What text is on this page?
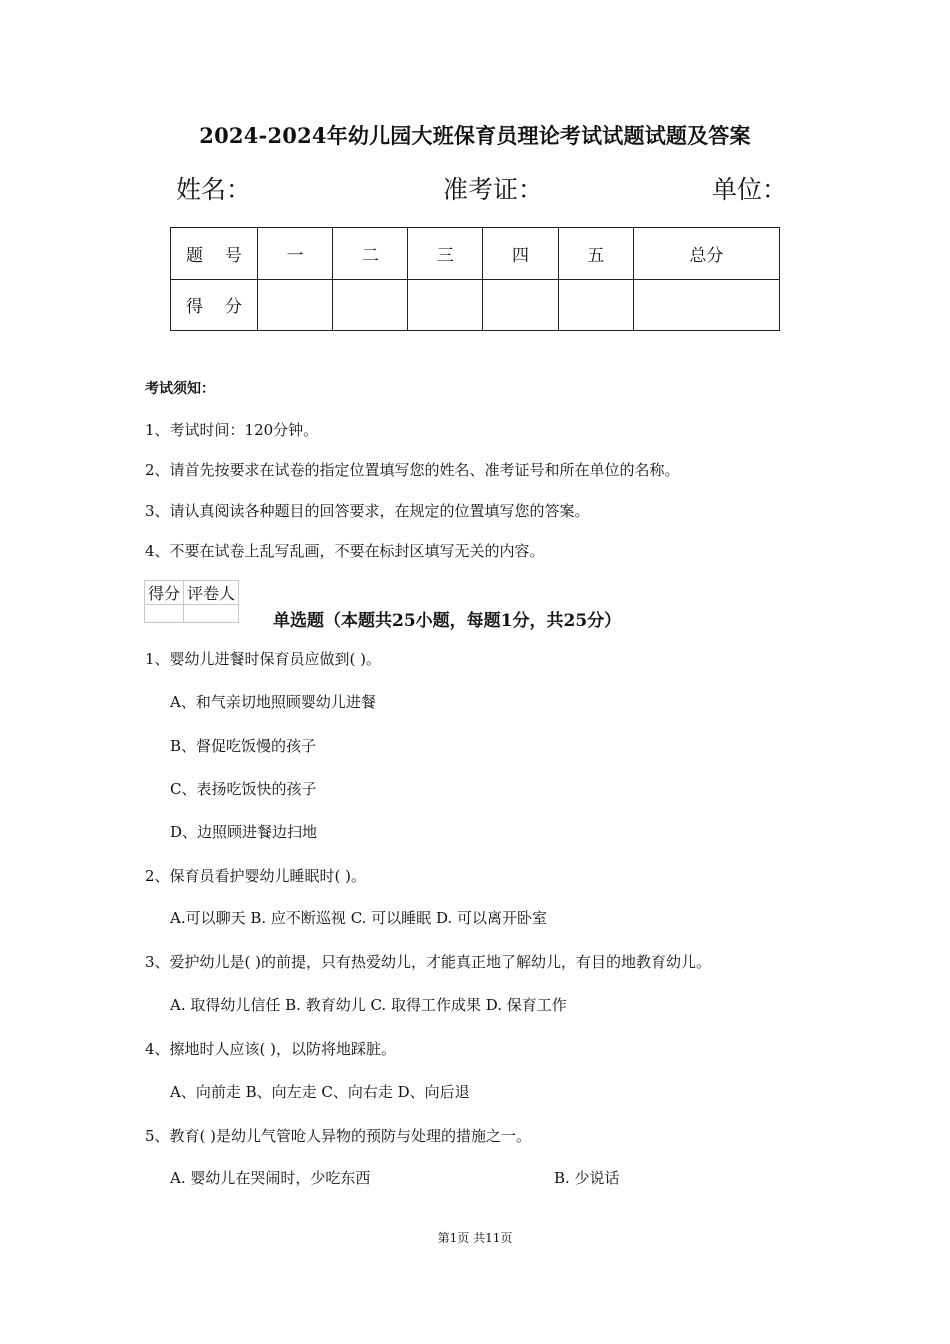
2024-2024年幼儿园大班保育员理论考试试题试题及答案
姓名：	准考证：	单位：
题 号	一	二	三	四	五	总分
得 分						
考试须知：
1、考试时间：120分钟。
2、请首先按要求在试卷的指定位置填写您的姓名、准考证号和所在单位的名称。
3、请认真阅读各种题目的回答要求，在规定的位置填写您的答案。
4、不要在试卷上乱写乱画，不要在标封区填写无关的内容。
得分	评卷人

单选题（本题共25小题，每题1分，共25分）
1、婴幼儿进餐时保育员应做到( )。
A、和气亲切地照顾婴幼儿进餐
B、督促吃饭慢的孩子
C、表扬吃饭快的孩子
D、边照顾进餐边扫地
2、保育员看护婴幼儿睡眠时( )。
A.可以聊天 B. 应不断巡视 C. 可以睡眠 D. 可以离开卧室
3、爱护幼儿是( )的前提，只有热爱幼儿，才能真正地了解幼儿，有目的地教育幼儿。
A. 取得幼儿信任 B. 教育幼儿 C. 取得工作成果 D. 保育工作
4、擦地时人应该( )，以防将地踩脏。
A、向前走 B、向左走 C、向右走 D、向后退
5、教育( )是幼儿气管呛人异物的预防与处理的措施之一。
A. 婴幼儿在哭闹时，少吃东西	B. 少说话
第1页 共11页
